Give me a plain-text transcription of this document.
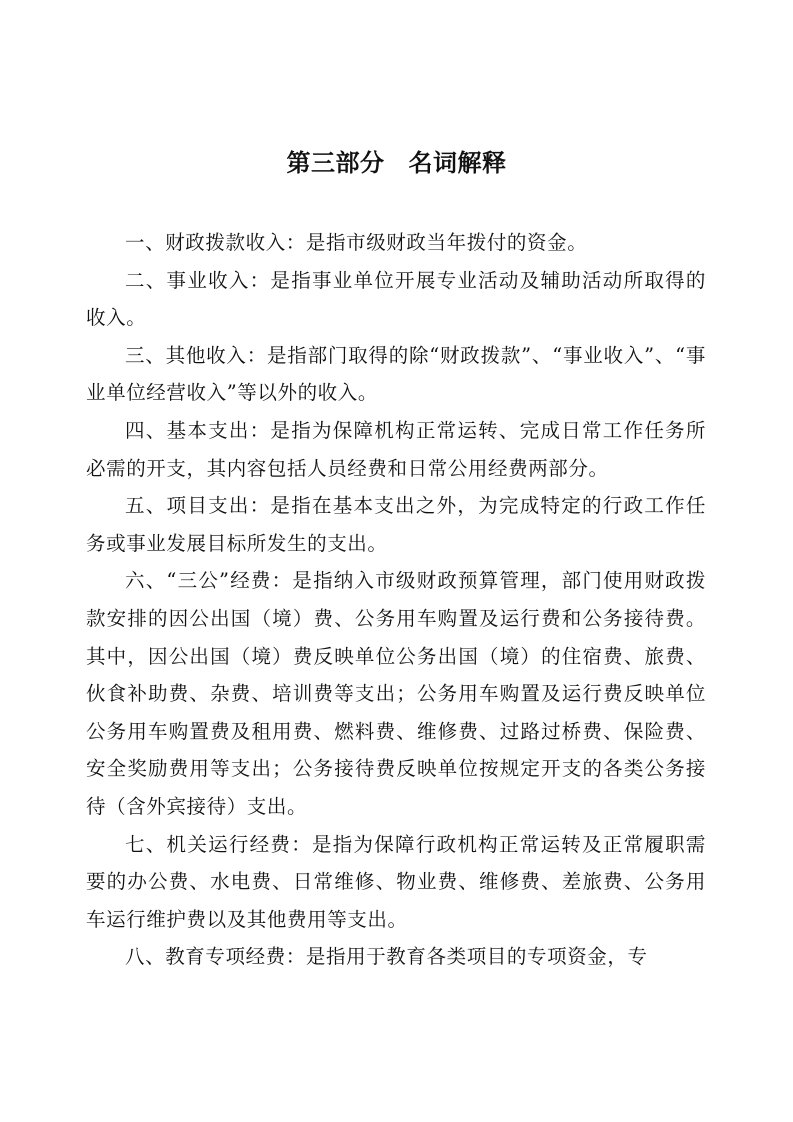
第三部分 名词解释

一、财政拨款收入：是指市级财政当年拨付的资金。

二、事业收入：是指事业单位开展专业活动及辅助活动所取得的收入。

三、其他收入：是指部门取得的除“财政拨款”、“事业收入”、“事业单位经营收入”等以外的收入。

四、基本支出：是指为保障机构正常运转、完成日常工作任务所必需的开支，其内容包括人员经费和日常公用经费两部分。

五、项目支出：是指在基本支出之外，为完成特定的行政工作任务或事业发展目标所发生的支出。

六、“三公”经费：是指纳入市级财政预算管理，部门使用财政拨款安排的因公出国（境）费、公务用车购置及运行费和公务接待费。其中，因公出国（境）费反映单位公务出国（境）的住宿费、旅费、伙食补助费、杂费、培训费等支出；公务用车购置及运行费反映单位公务用车购置费及租用费、燃料费、维修费、过路过桥费、保险费、安全奖励费用等支出；公务接待费反映单位按规定开支的各类公务接待（含外宾接待）支出。

七、机关运行经费：是指为保障行政机构正常运转及正常履职需要的办公费、水电费、日常维修、物业费、维修费、差旅费、公务用车运行维护费以及其他费用等支出。

八、教育专项经费：是指用于教育各类项目的专项资金，专
